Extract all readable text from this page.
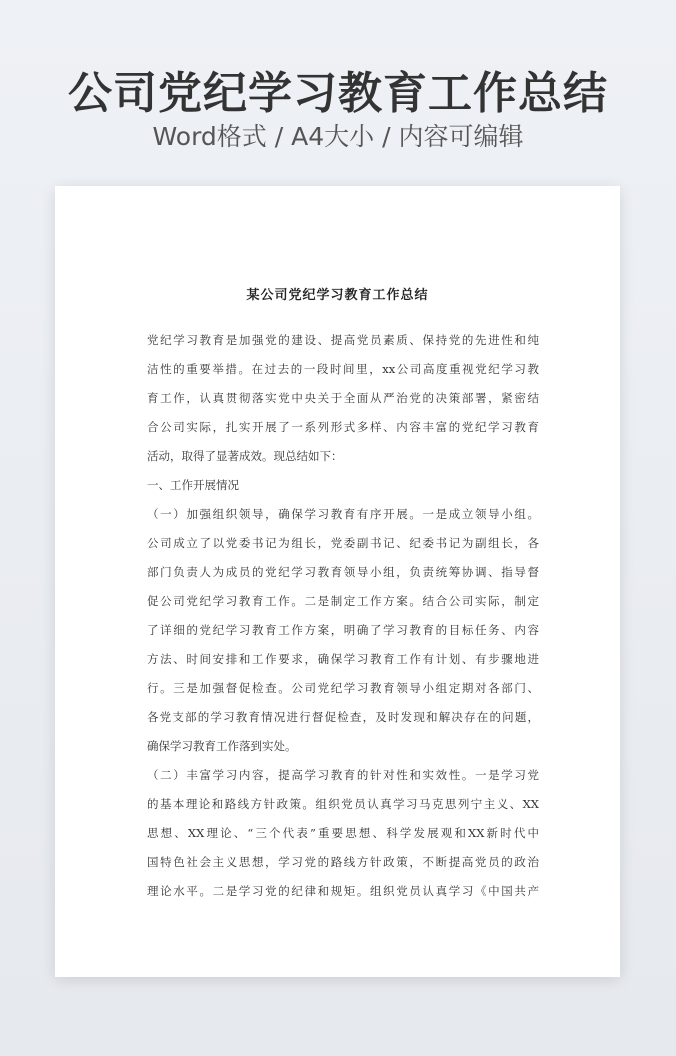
公司党纪学习教育工作总结
Word格式 / A4大小 / 内容可编辑
某公司党纪学习教育工作总结
党纪学习教育是加强党的建设、提高党员素质、保持党的先进性和纯
洁性的重要举措。在过去的一段时间里，xx公司高度重视党纪学习教
育工作，认真贯彻落实党中央关于全面从严治党的决策部署，紧密结
合公司实际，扎实开展了一系列形式多样、内容丰富的党纪学习教育
活动，取得了显著成效。现总结如下：
一、工作开展情况
（一）加强组织领导，确保学习教育有序开展。一是成立领导小组。
公司成立了以党委书记为组长，党委副书记、纪委书记为副组长，各
部门负责人为成员的党纪学习教育领导小组，负责统筹协调、指导督
促公司党纪学习教育工作。二是制定工作方案。结合公司实际，制定
了详细的党纪学习教育工作方案，明确了学习教育的目标任务、内容
方法、时间安排和工作要求，确保学习教育工作有计划、有步骤地进
行。三是加强督促检查。公司党纪学习教育领导小组定期对各部门、
各党支部的学习教育情况进行督促检查，及时发现和解决存在的问题，
确保学习教育工作落到实处。
（二）丰富学习内容，提高学习教育的针对性和实效性。一是学习党
的基本理论和路线方针政策。组织党员认真学习马克思列宁主义、XX
思想、XX理论、“三个代表”重要思想、科学发展观和XX新时代中
国特色社会主义思想，学习党的路线方针政策，不断提高党员的政治
理论水平。二是学习党的纪律和规矩。组织党员认真学习《中国共产
